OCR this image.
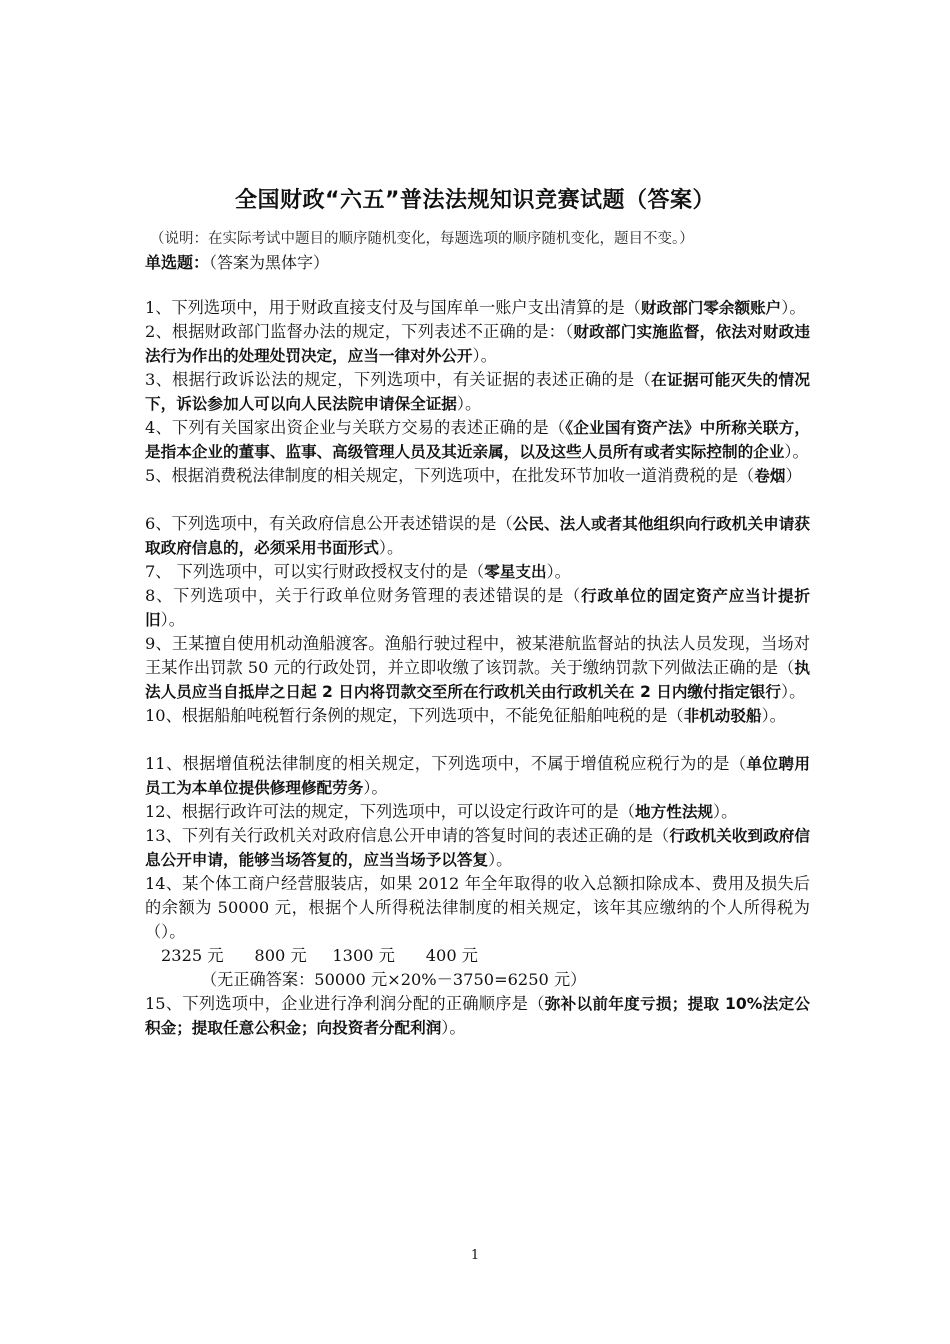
全国财政“六五”普法法规知识竞赛试题（答案）
（说明：在实际考试中题目的顺序随机变化，每题选项的顺序随机变化，题目不变。）
单选题：（答案为黑体字）

1、下列选项中，用于财政直接支付及与国库单一账户支出清算的是（财政部门零余额账户）。

2、根据财政部门监督办法的规定，下列表述不正确的是：（财政部门实施监督，依法对财政违法行为作出的处理处罚决定，应当一律对外公开）。

3、根据行政诉讼法的规定，下列选项中，有关证据的表述正确的是（在证据可能灭失的情况下，诉讼参加人可以向人民法院申请保全证据）。

4、下列有关国家出资企业与关联方交易的表述正确的是（《企业国有资产法》中所称关联方，是指本企业的董事、监事、高级管理人员及其近亲属，以及这些人员所有或者实际控制的企业）。

5、根据消费税法律制度的相关规定，下列选项中，在批发环节加收一道消费税的是（卷烟）

6、下列选项中，有关政府信息公开表述错误的是（公民、法人或者其他组织向行政机关申请获取政府信息的，必须采用书面形式）。

7、 下列选项中，可以实行财政授权支付的是（零星支出）。

8、下列选项中，关于行政单位财务管理的表述错误的是（行政单位的固定资产应当计提折旧）。

9、王某擅自使用机动渔船渡客。渔船行驶过程中，被某港航监督站的执法人员发现，当场对王某作出罚款 50 元的行政处罚，并立即收缴了该罚款。关于缴纳罚款下列做法正确的是（执法人员应当自抵岸之日起 2 日内将罚款交至所在行政机关由行政机关在 2 日内缴付指定银行）。

10、根据船舶吨税暂行条例的规定，下列选项中，不能免征船舶吨税的是（非机动驳船）。

11、根据增值税法律制度的相关规定，下列选项中，不属于增值税应税行为的是（单位聘用员工为本单位提供修理修配劳务）。

12、根据行政许可法的规定，下列选项中，可以设定行政许可的是（地方性法规）。

13、下列有关行政机关对政府信息公开申请的答复时间的表述正确的是（行政机关收到政府信息公开申请，能够当场答复的，应当当场予以答复）。

14、某个体工商户经营服装店，如果 2012 年全年取得的收入总额扣除成本、费用及损失后的余额为 50000 元，根据个人所得税法律制度的相关规定，该年其应缴纳的个人所得税为（）。

2325 元      800 元     1300 元      400 元

（无正确答案：50000 元×20%－3750=6250 元）

15、下列选项中，企业进行净利润分配的正确顺序是（弥补以前年度亏损；提取 10%法定公积金；提取任意公积金；向投资者分配利润）。

1
